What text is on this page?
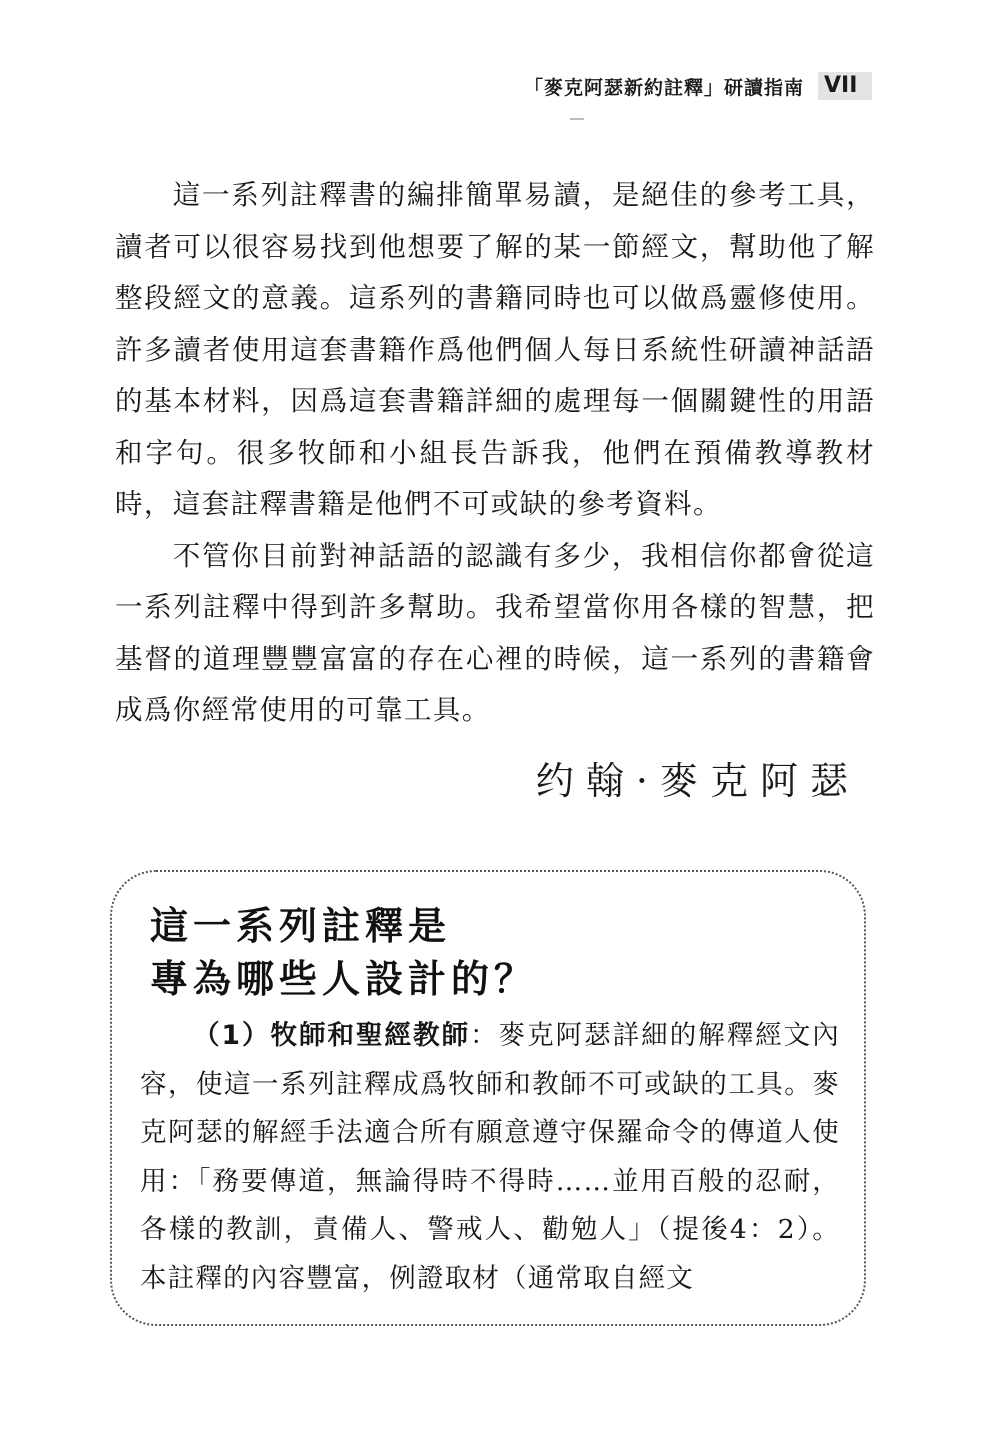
「麥克阿瑟新約註釋」研讀指南 VII

這一系列註釋書的編排簡單易讀，是絕佳的參考工具，讀者可以很容易找到他想要了解的某一節經文，幫助他了解整段經文的意義。這系列的書籍同時也可以做爲靈修使用。許多讀者使用這套書籍作爲他們個人每日系統性研讀神話語的基本材料，因爲這套書籍詳細的處理每一個關鍵性的用語和字句。很多牧師和小組長告訴我，他們在預備教導教材時，這套註釋書籍是他們不可或缺的參考資料。

不管你目前對神話語的認識有多少，我相信你都會從這一系列註釋中得到許多幫助。我希望當你用各樣的智慧，把基督的道理豐豐富富的存在心裡的時候，這一系列的書籍會成爲你經常使用的可靠工具。

约翰·麥克阿瑟
這一系列註釋是
專為哪些人設計的？

（1）牧師和聖經教師：麥克阿瑟詳細的解釋經文內容，使這一系列註釋成爲牧師和教師不可或缺的工具。麥克阿瑟的解經手法適合所有願意遵守保羅命令的傳道人使用：「務要傳道，無論得時不得時……並用百般的忍耐，各樣的教訓，責備人、警戒人、勸勉人」（提後4：2）。本註釋的內容豐富，例證取材（通常取自經文
